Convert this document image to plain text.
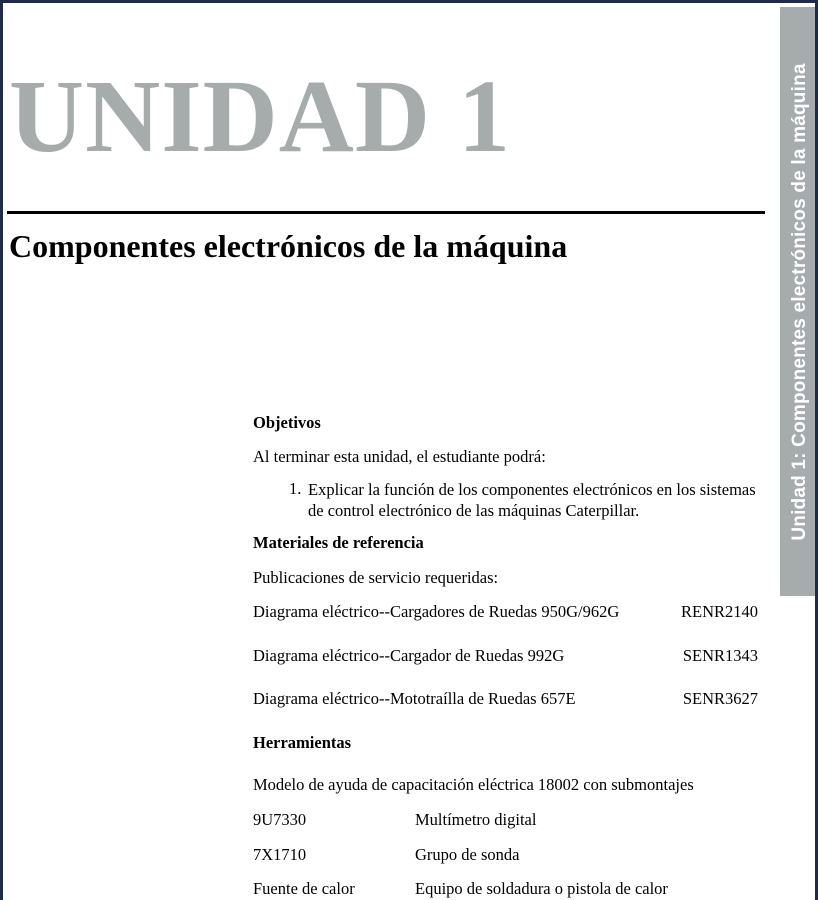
UNIDAD 1
Componentes electrónicos de la máquina	Unidad 1: Componentes electrónicos de la máquina
Objetivos
Al terminar esta unidad, el estudiante podrá:
1. Explicar la función de los componentes electrónicos en los sistemas de control electrónico de las máquinas Caterpillar.
Materiales de referencia
Publicaciones de servicio requeridas:
Diagrama eléctrico--Cargadores de Ruedas 950G/962G	RENR2140
Diagrama eléctrico--Cargador de Ruedas 992G	SENR1343
Diagrama eléctrico--Mototraílla de Ruedas 657E	SENR3627
Herramientas
Modelo de ayuda de capacitación eléctrica 18002 con submontajes
9U7330	Multímetro digital
7X1710	Grupo de sonda
Fuente de calor	Equipo de soldadura o pistola de calor
